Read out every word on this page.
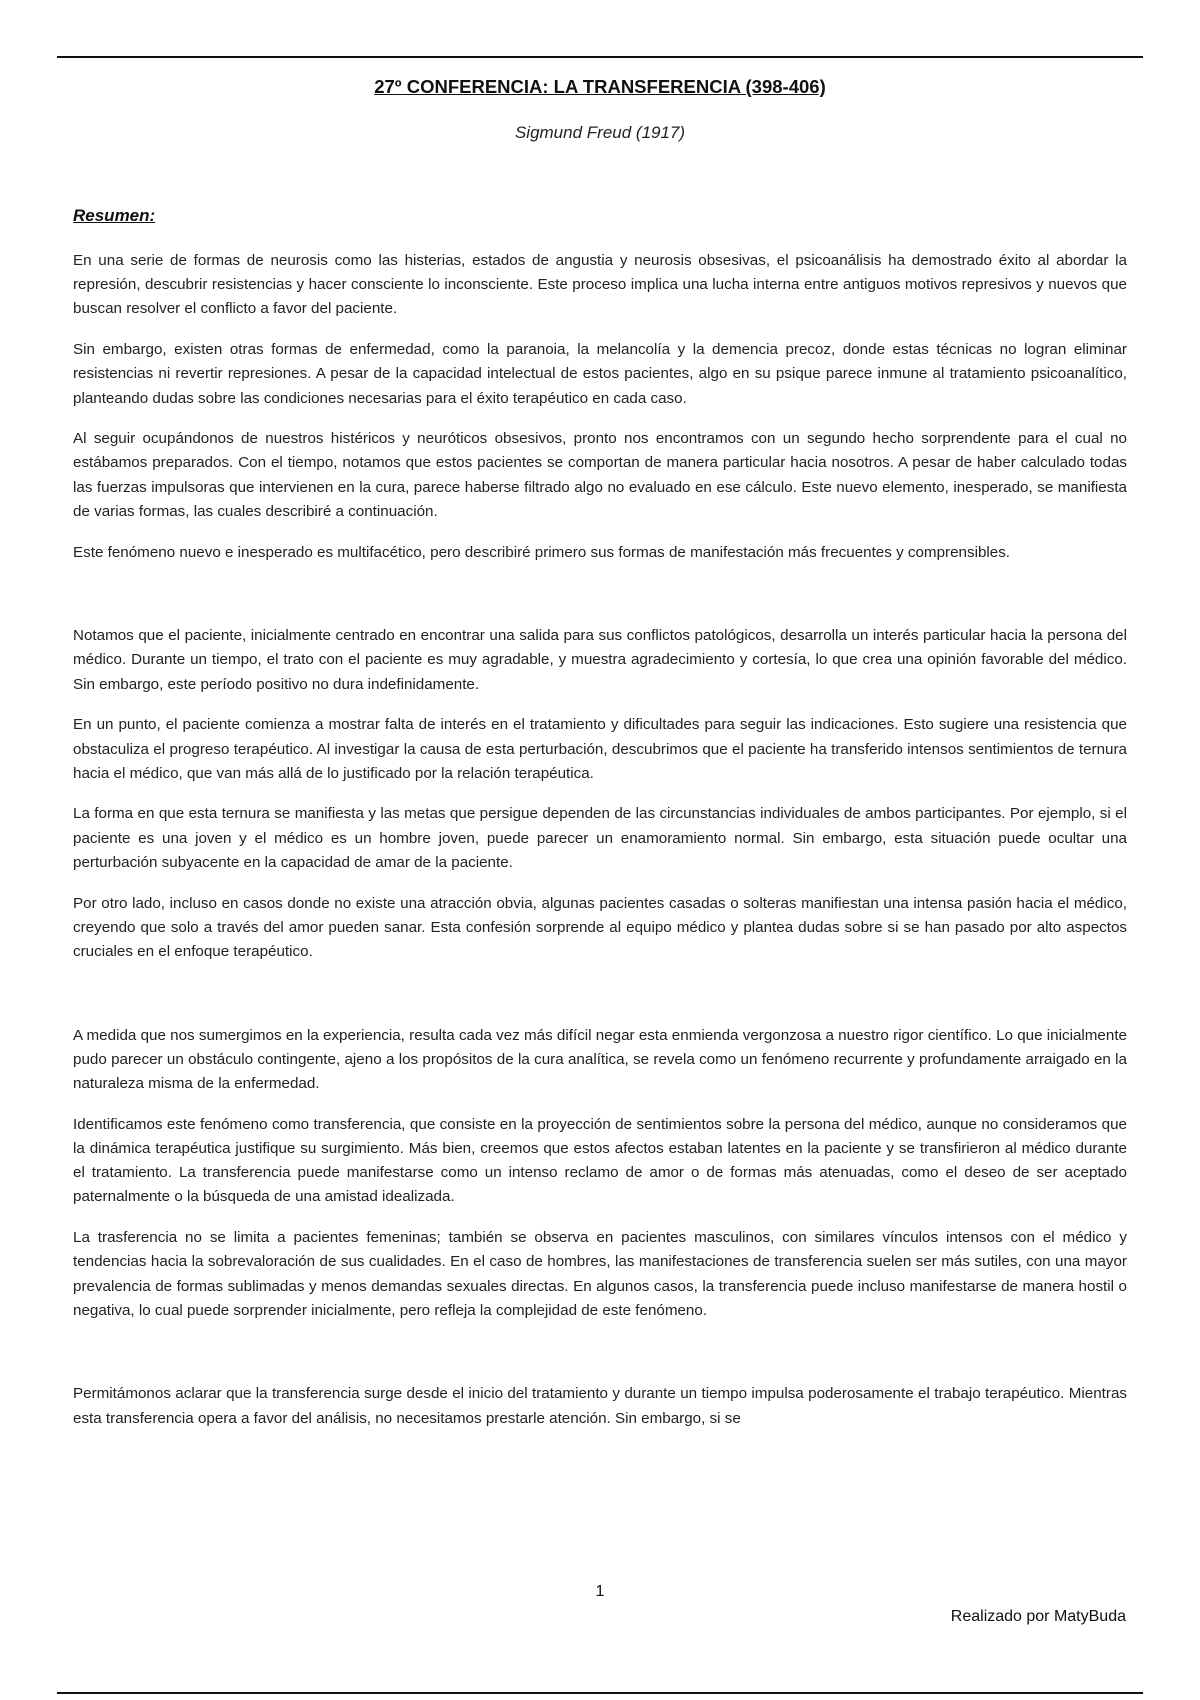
27º CONFERENCIA: LA TRANSFERENCIA (398-406)
Sigmund Freud (1917)
Resumen:

En una serie de formas de neurosis como las histerias, estados de angustia y neurosis obsesivas, el psicoanálisis ha demostrado éxito al abordar la represión, descubrir resistencias y hacer consciente lo inconsciente. Este proceso implica una lucha interna entre antiguos motivos represivos y nuevos que buscan resolver el conflicto a favor del paciente.

Sin embargo, existen otras formas de enfermedad, como la paranoia, la melancolía y la demencia precoz, donde estas técnicas no logran eliminar resistencias ni revertir represiones. A pesar de la capacidad intelectual de estos pacientes, algo en su psique parece inmune al tratamiento psicoanalítico, planteando dudas sobre las condiciones necesarias para el éxito terapéutico en cada caso.

Al seguir ocupándonos de nuestros histéricos y neuróticos obsesivos, pronto nos encontramos con un segundo hecho sorprendente para el cual no estábamos preparados. Con el tiempo, notamos que estos pacientes se comportan de manera particular hacia nosotros. A pesar de haber calculado todas las fuerzas impulsoras que intervienen en la cura, parece haberse filtrado algo no evaluado en ese cálculo. Este nuevo elemento, inesperado, se manifiesta de varias formas, las cuales describiré a continuación.

Este fenómeno nuevo e inesperado es multifacético, pero describiré primero sus formas de manifestación más frecuentes y comprensibles.

Notamos que el paciente, inicialmente centrado en encontrar una salida para sus conflictos patológicos, desarrolla un interés particular hacia la persona del médico. Durante un tiempo, el trato con el paciente es muy agradable, y muestra agradecimiento y cortesía, lo que crea una opinión favorable del médico. Sin embargo, este período positivo no dura indefinidamente.

En un punto, el paciente comienza a mostrar falta de interés en el tratamiento y dificultades para seguir las indicaciones. Esto sugiere una resistencia que obstaculiza el progreso terapéutico. Al investigar la causa de esta perturbación, descubrimos que el paciente ha transferido intensos sentimientos de ternura hacia el médico, que van más allá de lo justificado por la relación terapéutica.

La forma en que esta ternura se manifiesta y las metas que persigue dependen de las circunstancias individuales de ambos participantes. Por ejemplo, si el paciente es una joven y el médico es un hombre joven, puede parecer un enamoramiento normal. Sin embargo, esta situación puede ocultar una perturbación subyacente en la capacidad de amar de la paciente.

Por otro lado, incluso en casos donde no existe una atracción obvia, algunas pacientes casadas o solteras manifiestan una intensa pasión hacia el médico, creyendo que solo a través del amor pueden sanar. Esta confesión sorprende al equipo médico y plantea dudas sobre si se han pasado por alto aspectos cruciales en el enfoque terapéutico.

A medida que nos sumergimos en la experiencia, resulta cada vez más difícil negar esta enmienda vergonzosa a nuestro rigor científico. Lo que inicialmente pudo parecer un obstáculo contingente, ajeno a los propósitos de la cura analítica, se revela como un fenómeno recurrente y profundamente arraigado en la naturaleza misma de la enfermedad.

Identificamos este fenómeno como transferencia, que consiste en la proyección de sentimientos sobre la persona del médico, aunque no consideramos que la dinámica terapéutica justifique su surgimiento. Más bien, creemos que estos afectos estaban latentes en la paciente y se transfirieron al médico durante el tratamiento. La transferencia puede manifestarse como un intenso reclamo de amor o de formas más atenuadas, como el deseo de ser aceptado paternalmente o la búsqueda de una amistad idealizada.

La trasferencia no se limita a pacientes femeninas; también se observa en pacientes masculinos, con similares vínculos intensos con el médico y tendencias hacia la sobrevaloración de sus cualidades. En el caso de hombres, las manifestaciones de transferencia suelen ser más sutiles, con una mayor prevalencia de formas sublimadas y menos demandas sexuales directas. En algunos casos, la transferencia puede incluso manifestarse de manera hostil o negativa, lo cual puede sorprender inicialmente, pero refleja la complejidad de este fenómeno.

Permitámonos aclarar que la transferencia surge desde el inicio del tratamiento y durante un tiempo impulsa poderosamente el trabajo terapéutico. Mientras esta transferencia opera a favor del análisis, no necesitamos prestarle atención. Sin embargo, si se

1
Realizado por MatyBuda
